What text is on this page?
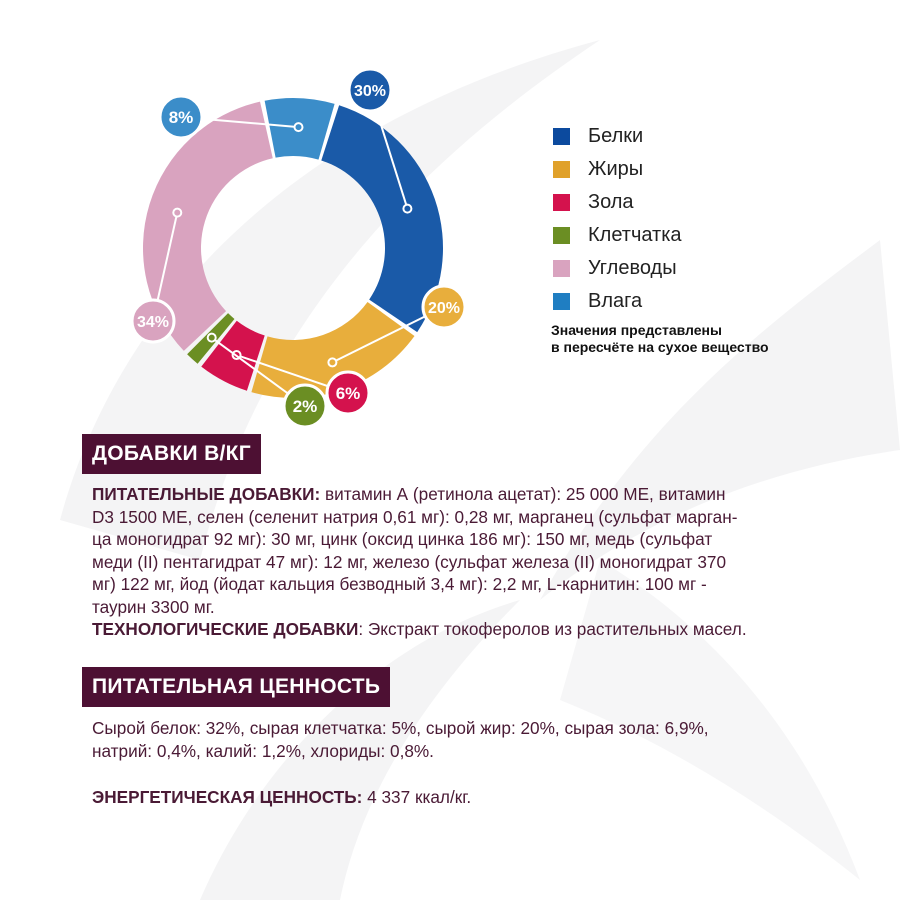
30%
20%
6%
2%
34%
8%
Белки
Жиры
Зола
Клетчатка
Углеводы
Влага
Значения представлены
в пересчёте на сухое вещество
ДОБАВКИ В/КГ

ПИТАТЕЛЬНЫЕ ДОБАВКИ: витамин А (ретинола ацетат): 25 000 МЕ, витамин
D3 1500 МЕ, селен (селенит натрия 0,61 мг): 0,28 мг, марганец (сульфат марган-
ца моногидрат 92 мг): 30 мг, цинк (оксид цинка 186 мг): 150 мг, медь (сульфат
меди (II) пентагидрат 47 мг): 12 мг, железо (сульфат железа (II) моногидрат 370
мг) 122 мг, йод (йодат кальция безводный 3,4 мг): 2,2 мг, L-карнитин: 100 мг -
таурин 3300 мг.

ТЕХНОЛОГИЧЕСКИЕ ДОБАВКИ: Экстракт токоферолов из растительных масел.

ПИТАТЕЛЬНАЯ ЦЕННОСТЬ

Сырой белок: 32%, сырая клетчатка: 5%, сырой жир: 20%, сырая зола: 6,9%,
натрий: 0,4%, калий: 1,2%, хлориды: 0,8%.

ЭНЕРГЕТИЧЕСКАЯ ЦЕННОСТЬ: 4 337 ккал/кг.
